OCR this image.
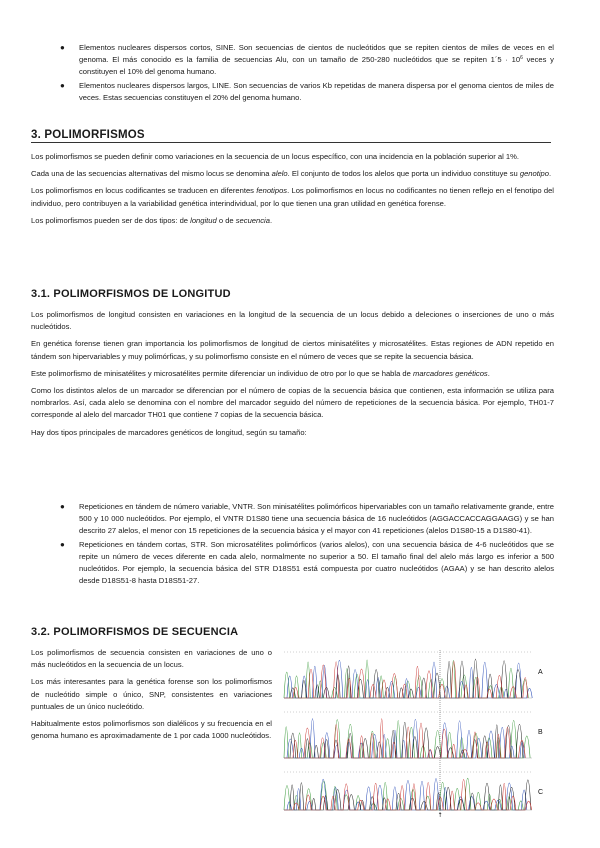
● Elementos nucleares dispersos cortos, SINE. Son secuencias de cientos de nucleótidos que se repiten cientos de miles de veces en el genoma. El más conocido es la familia de secuencias Alu, con un tamaño de 250-280 nucleótidos que se repiten 1´5 · $10^6$ veces y constituyen el 10% del genoma humano.
● Elementos nucleares dispersos largos, LINE. Son secuencias de varios Kb repetidas de manera dispersa por el genoma cientos de miles de veces. Estas secuencias constituyen el 20% del genoma humano.
3. POLIMORFISMOS

Los polimorfismos se pueden definir como variaciones en la secuencia de un locus específico, con una incidencia en la población superior al 1%.

Cada una de las secuencias alternativas del mismo locus se denomina alelo. El conjunto de todos los alelos que porta un individuo constituye su genotipo.

Los polimorfismos en locus codificantes se traducen en diferentes fenotipos. Los polimorfismos en locus no codificantes no tienen reflejo en el fenotipo del individuo, pero contribuyen a la variabilidad genética interindividual, por lo que tienen una gran utilidad en genética forense.

Los polimorfismos pueden ser de dos tipos: de longitud o de secuencia.

3.1. POLIMORFISMOS DE LONGITUD

Los polimorfismos de longitud consisten en variaciones en la longitud de la secuencia de un locus debido a deleciones o inserciones de uno o más nucleótidos.

En genética forense tienen gran importancia los polimorfismos de longitud de ciertos minisatélites y microsatélites. Estas regiones de ADN repetido en tándem son hipervariables y muy polimórficas, y su polimorfismo consiste en el número de veces que se repite la secuencia básica.

Este polimorfismo de minisatélites y microsatélites permite diferenciar un individuo de otro por lo que se habla de marcadores genéticos.

Como los distintos alelos de un marcador se diferencian por el número de copias de la secuencia básica que contienen, esta información se utiliza para nombrarlos. Así, cada alelo se denomina con el nombre del marcador seguido del número de repeticiones de la secuencia básica. Por ejemplo, TH01-7 corresponde al alelo del marcador TH01 que contiene 7 copias de la secuencia básica.

Hay dos tipos principales de marcadores genéticos de longitud, según su tamaño:

● Repeticiones en tándem de número variable, VNTR. Son minisatélites polimórficos hipervariables con un tamaño relativamente grande, entre 500 y 10 000 nucleótidos. Por ejemplo, el VNTR D1S80 tiene una secuencia básica de 16 nucleótidos (AGGACCACCAGGAAGG) y se han descrito 27 alelos, el menor con 15 repeticiones de la secuencia básica y el mayor con 41 repeticiones (alelos D1S80-15 a D1S80-41).
● Repeticiones en tándem cortas, STR. Son microsatélites polimórficos (varios alelos), con una secuencia básica de 4-6 nucleótidos que se repite un número de veces diferente en cada alelo, normalmente no superior a 50. El tamaño final del alelo más largo es inferior a 500 nucleótidos. Por ejemplo, la secuencia básica del STR D18S51 está compuesta por cuatro nucleótidos (AGAA) y se han descrito alelos desde D18S51-8 hasta D18S51-27.
3.2. POLIMORFISMOS DE SECUENCIA

Los polimorfismos de secuencia consisten en variaciones de uno o más nucleótidos en la secuencia de un locus.

Los más interesantes para la genética forense son los polimorfismos de nucleótido simple o único, SNP, consistentes en variaciones puntuales de un único nucleótido.

Habitualmente estos polimorfismos son dialélicos y su frecuencia en el genoma humano es aproximadamente de 1 por cada 1000 nucleótidos.

↑
A
B
C
